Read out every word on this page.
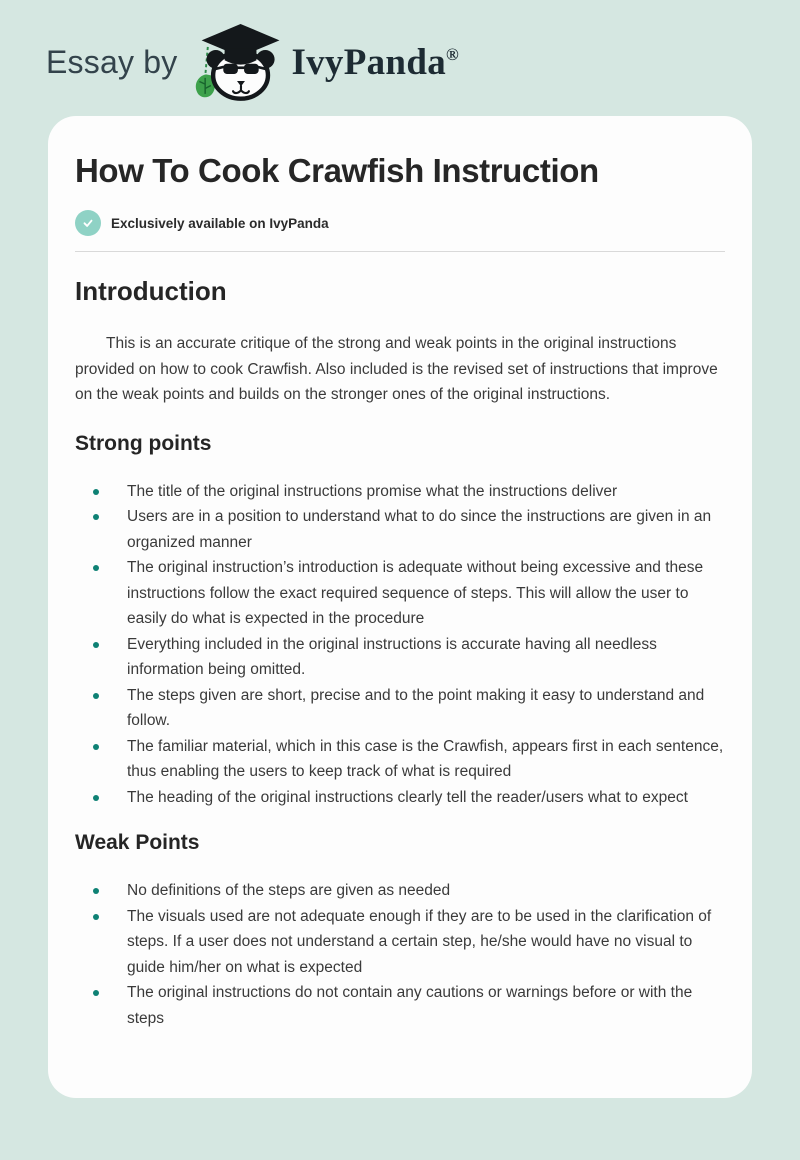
Essay by	IvyPanda®
How To Cook Crawfish Instruction
Exclusively available on IvyPanda
Introduction

This is an accurate critique of the strong and weak points in the original instructions provided on how to cook Crawfish. Also included is the revised set of instructions that improve on the weak points and builds on the stronger ones of the original instructions.

Strong points
The title of the original instructions promise what the instructions deliver
Users are in a position to understand what to do since the instructions are given in an organized manner
The original instruction’s introduction is adequate without being excessive and these instructions follow the exact required sequence of steps. This will allow the user to easily do what is expected in the procedure
Everything included in the original instructions is accurate having all needless information being omitted.
The steps given are short, precise and to the point making it easy to understand and follow.
The familiar material, which in this case is the Crawfish, appears first in each sentence, thus enabling the users to keep track of what is required
The heading of the original instructions clearly tell the reader/users what to expect
Weak Points
No definitions of the steps are given as needed
The visuals used are not adequate enough if they are to be used in the clarification of steps. If a user does not understand a certain step, he/she would have no visual to guide him/her on what is expected
The original instructions do not contain any cautions or warnings before or with the steps
